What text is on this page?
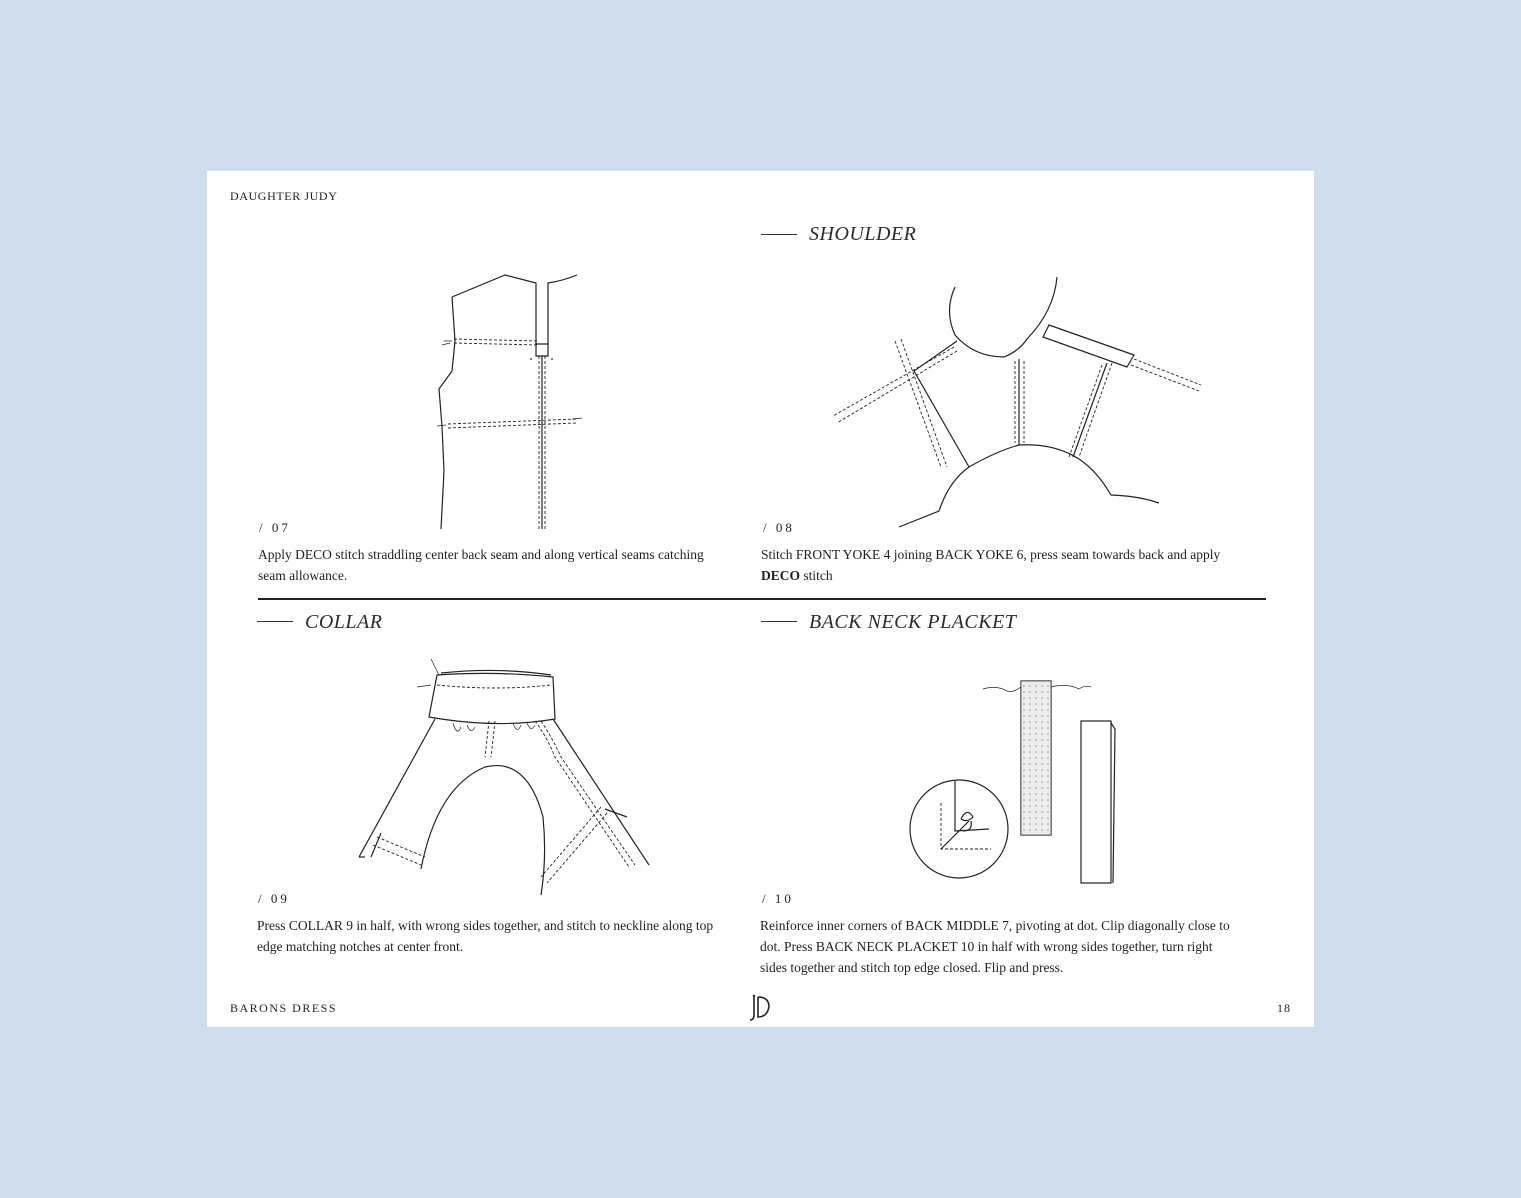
DAUGHTER JUDY
SHOULDER
/ 07
Apply DECO stitch straddling center back seam and along vertical seams catching seam allowance.
/ 08
Stitch FRONT YOKE 4 joining BACK YOKE 6, press seam towards back and apply
DECO stitch
COLLAR	BACK NECK PLACKET
/ 09
Press COLLAR 9 in half, with wrong sides together, and stitch to neckline along top edge matching notches at center front.
/ 10
Reinforce inner corners of BACK MIDDLE 7, pivoting at dot. Clip diagonally close to dot. Press BACK NECK PLACKET 10 in half with wrong sides together, turn right sides together and stitch top edge closed. Flip and press.
BARONS DRESS	18
